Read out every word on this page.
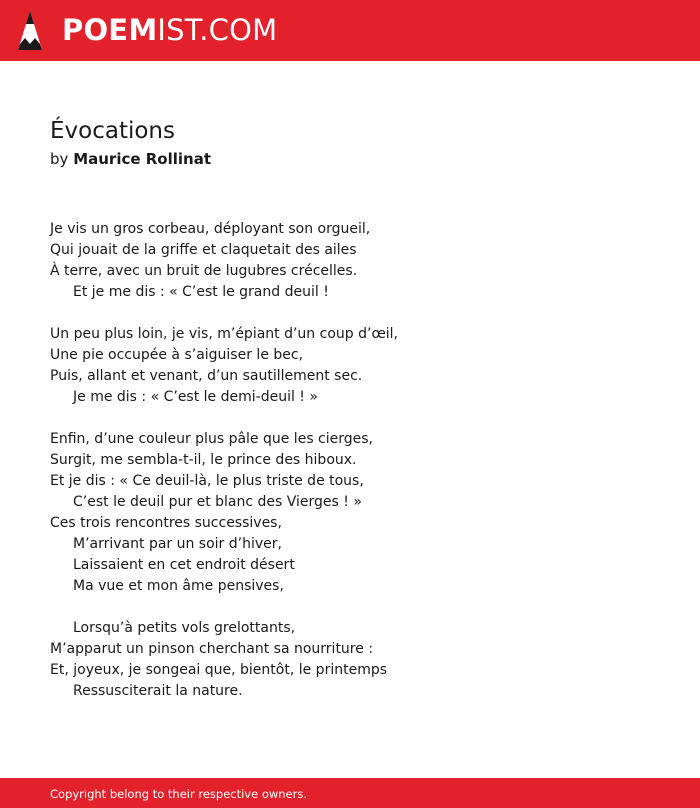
POEMIST.COM
Évocations
by Maurice Rollinat
Je vis un gros corbeau, déployant son orgueil,
Qui jouait de la griffe et claquetait des ailes
À terre, avec un bruit de lugubres crécelles.
Et je me dis : « C’est le grand deuil !
Un peu plus loin, je vis, m’épiant d’un coup d’œil,
Une pie occupée à s’aiguiser le bec,
Puis, allant et venant, d’un sautillement sec.
Je me dis : « C’est le demi-deuil ! »
Enfin, d’une couleur plus pâle que les cierges,
Surgit, me sembla-t-il, le prince des hiboux.
Et je dis : « Ce deuil-là, le plus triste de tous,
C’est le deuil pur et blanc des Vierges ! »
Ces trois rencontres successives,
M’arrivant par un soir d’hiver,
Laissaient en cet endroit désert
Ma vue et mon âme pensives,
Lorsqu’à petits vols grelottants,
M’apparut un pinson cherchant sa nourriture :
Et, joyeux, je songeai que, bientôt, le printemps
Ressusciterait la nature.
Copyright belong to their respective owners.
